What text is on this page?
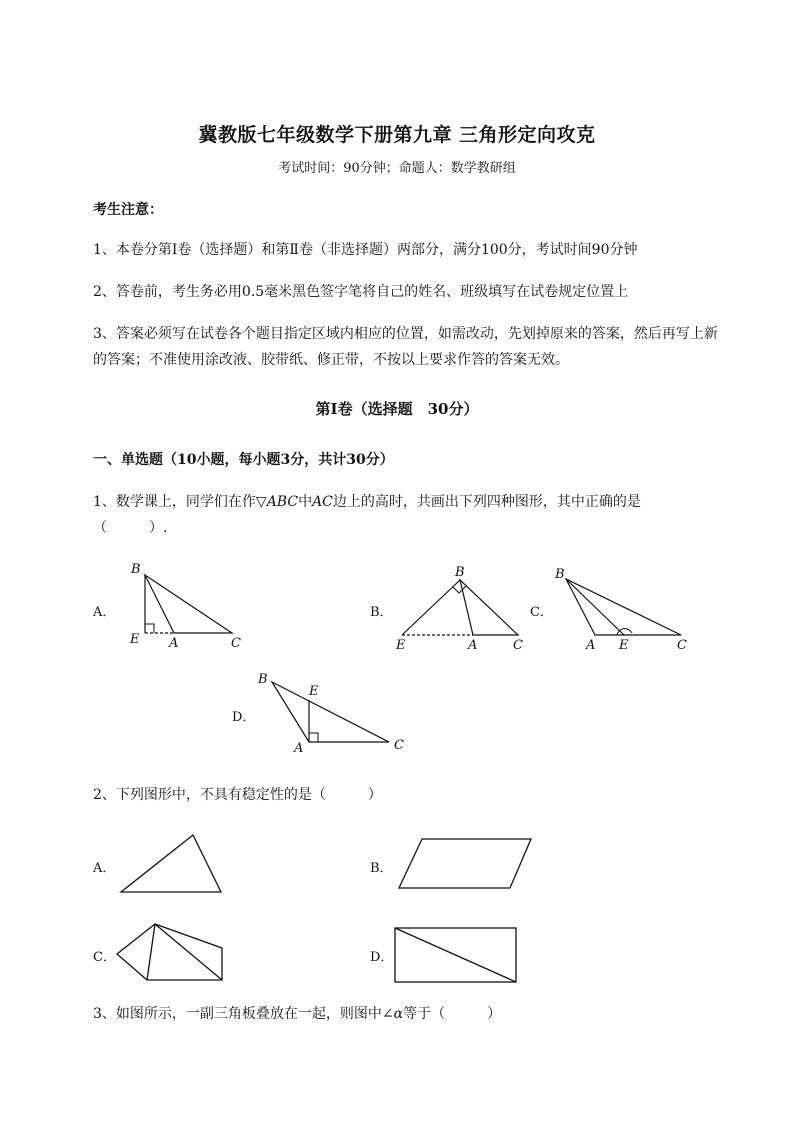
冀教版七年级数学下册第九章 三角形定向攻克
考试时间：90分钟；命题人：数学教研组
考生注意：
1、本卷分第I卷（选择题）和第Ⅱ卷（非选择题）两部分，满分100分，考试时间90分钟
2、答卷前，考生务必用0.5毫米黑色签字笔将自己的姓名、班级填写在试卷规定位置上
3、答案必须写在试卷各个题目指定区域内相应的位置，如需改动，先划掉原来的答案，然后再写上新
的答案；不准使用涂改液、胶带纸、修正带，不按以上要求作答的答案无效。
第I卷（选择题　30分）
一、单选题（10小题，每小题3分，共计30分）
1、数学课上，同学们在作▽ABC中AC边上的高时，共画出下列四种图形，其中正确的是
（　　　）.
A．	B．	C．
D．
B
E A	C
B
E	A	C
B
A E	C
B
E
A	C
2、下列图形中，不具有稳定性的是（　　　）
A．	B．
C．	D．
3、如图所示，一副三角板叠放在一起，则图中∠α等于（　　　）
